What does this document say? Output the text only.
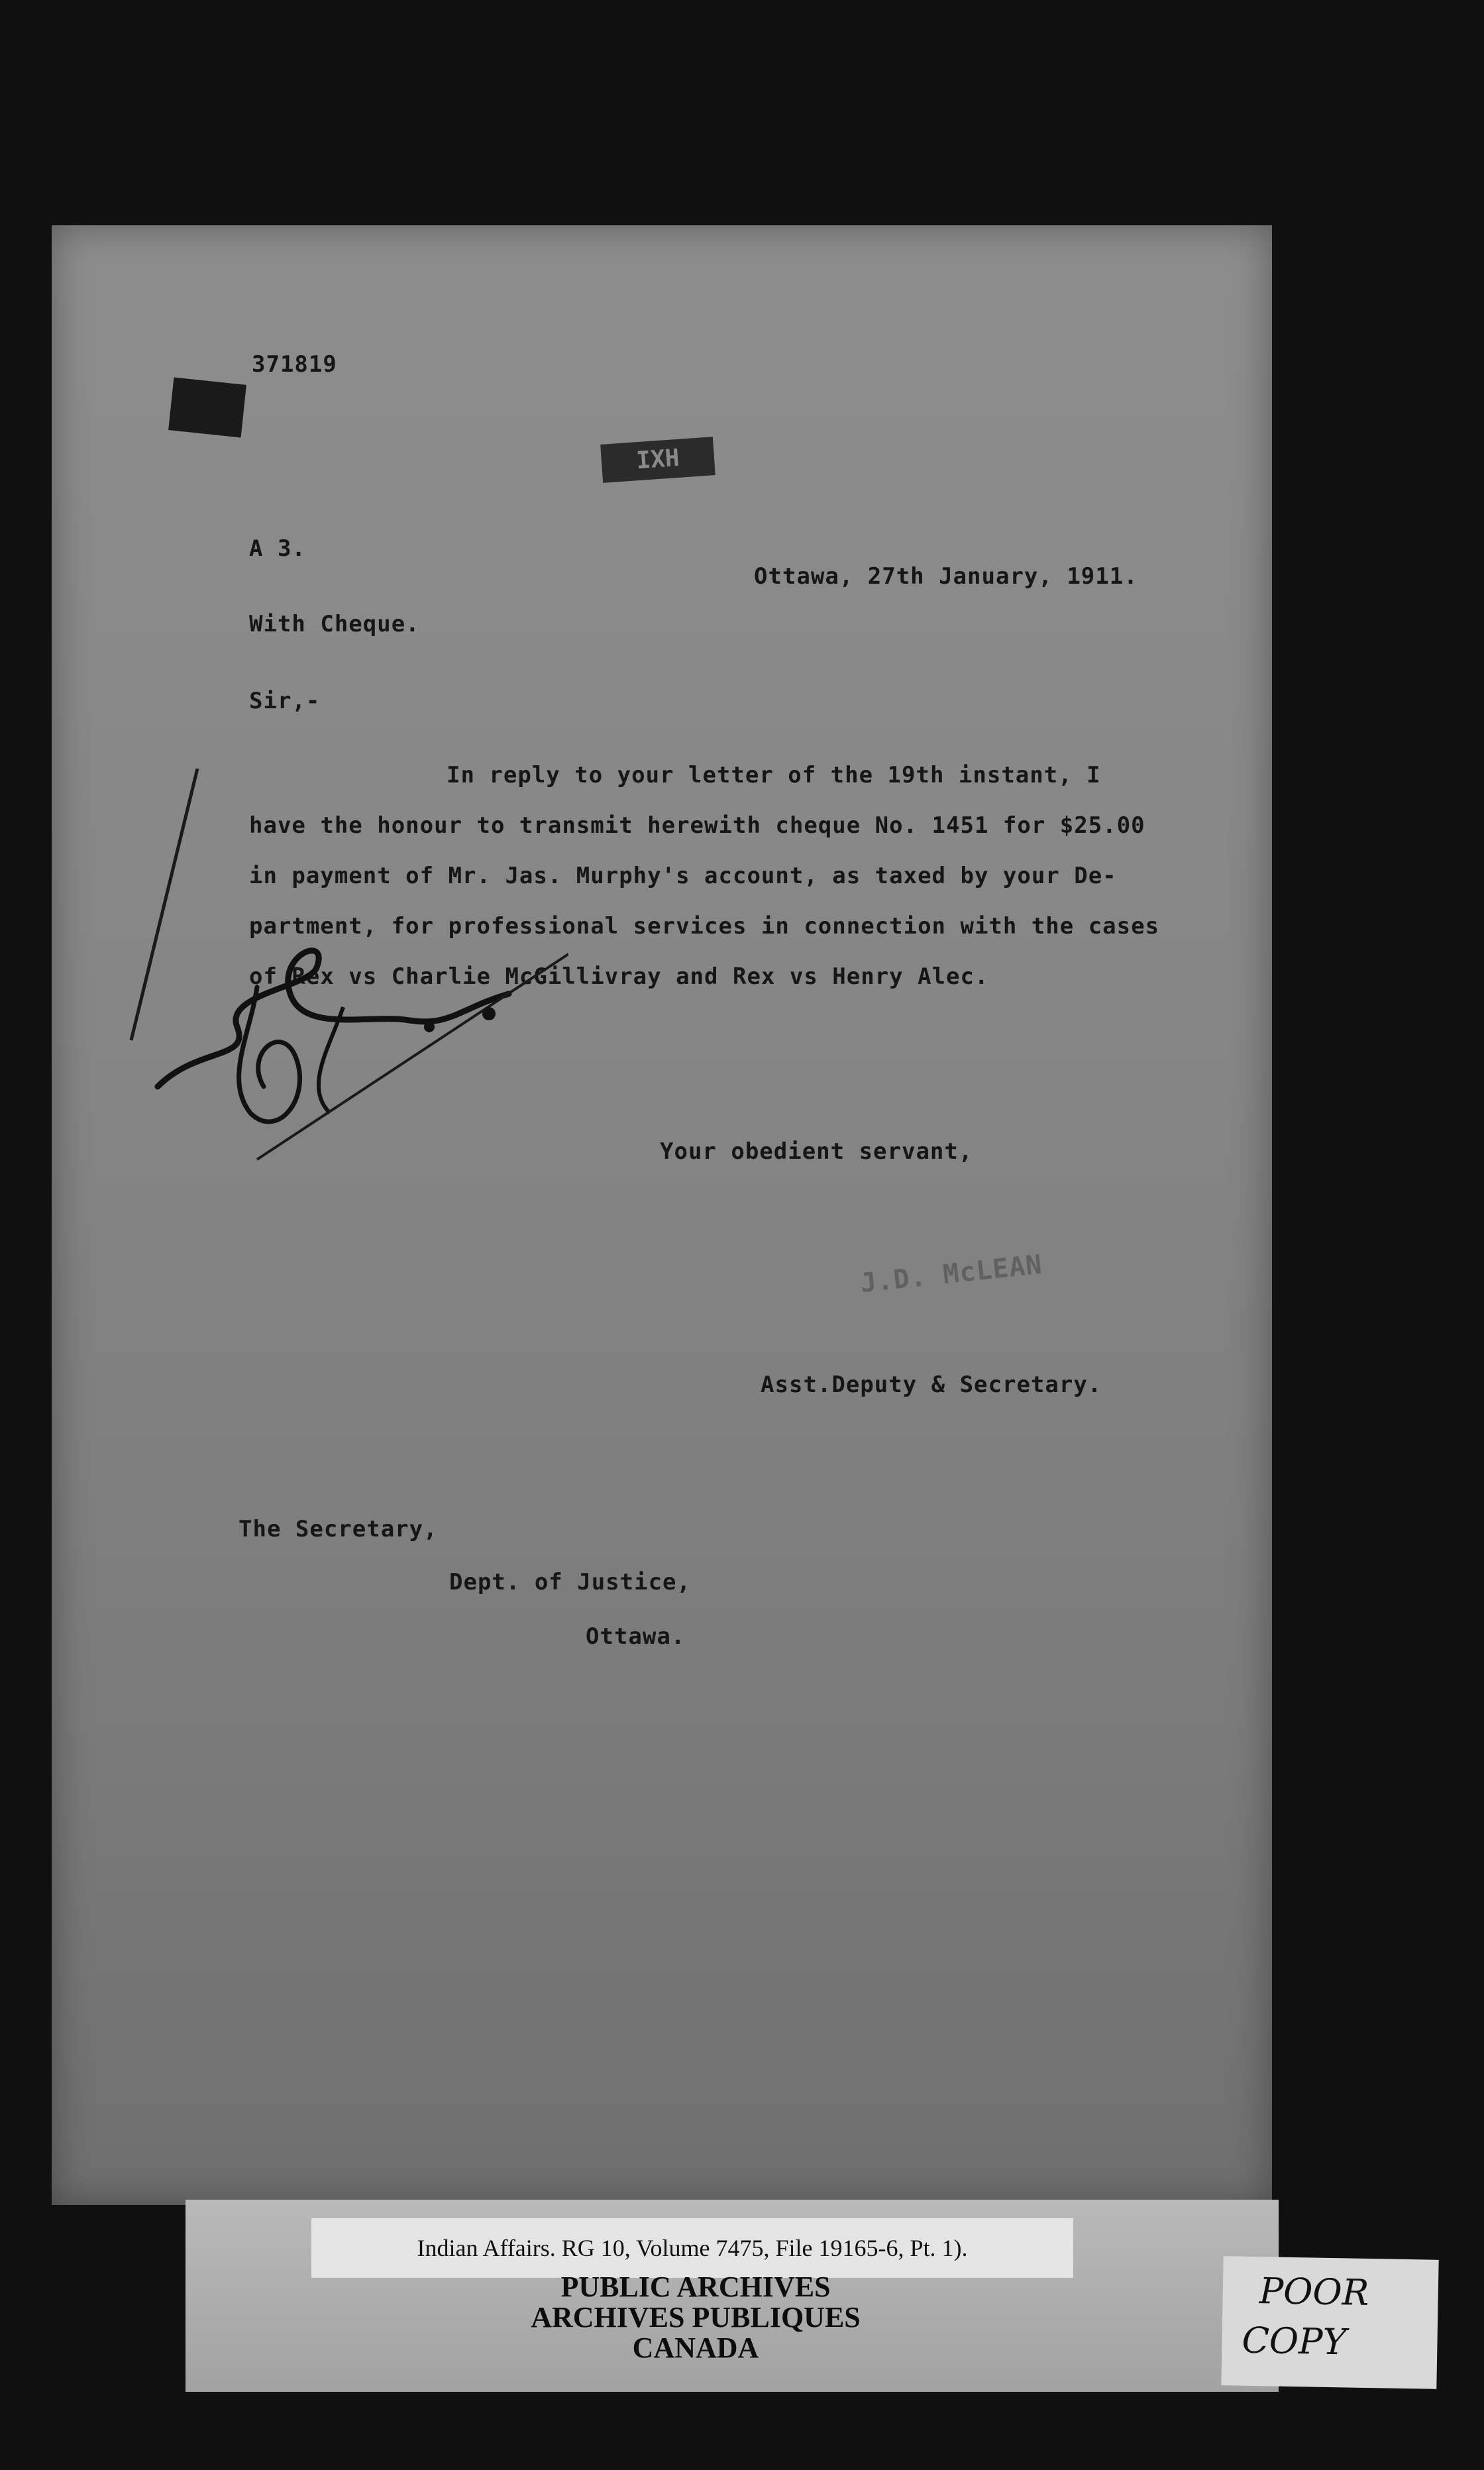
371819
IXH
A 3.
Ottawa, 27th January, 1911.
With Cheque.
Sir,-
In reply to your letter of the 19th instant, I
have the honour to transmit herewith cheque No. 1451 for $25.00
in payment of Mr. Jas. Murphy's account, as taxed by your De-
partment, for professional services in connection with the cases
of Rex vs Charlie McGillivray and Rex vs Henry Alec.
Your obedient servant,
J.D. McLEAN
Asst.Deputy & Secretary.
The Secretary,
Dept. of Justice,
Ottawa.
Indian Affairs. RG 10, Volume 7475, File 19165-6, Pt. 1).
PUBLIC ARCHIVES
ARCHIVES PUBLIQUES
CANADA
POOR
COPY
